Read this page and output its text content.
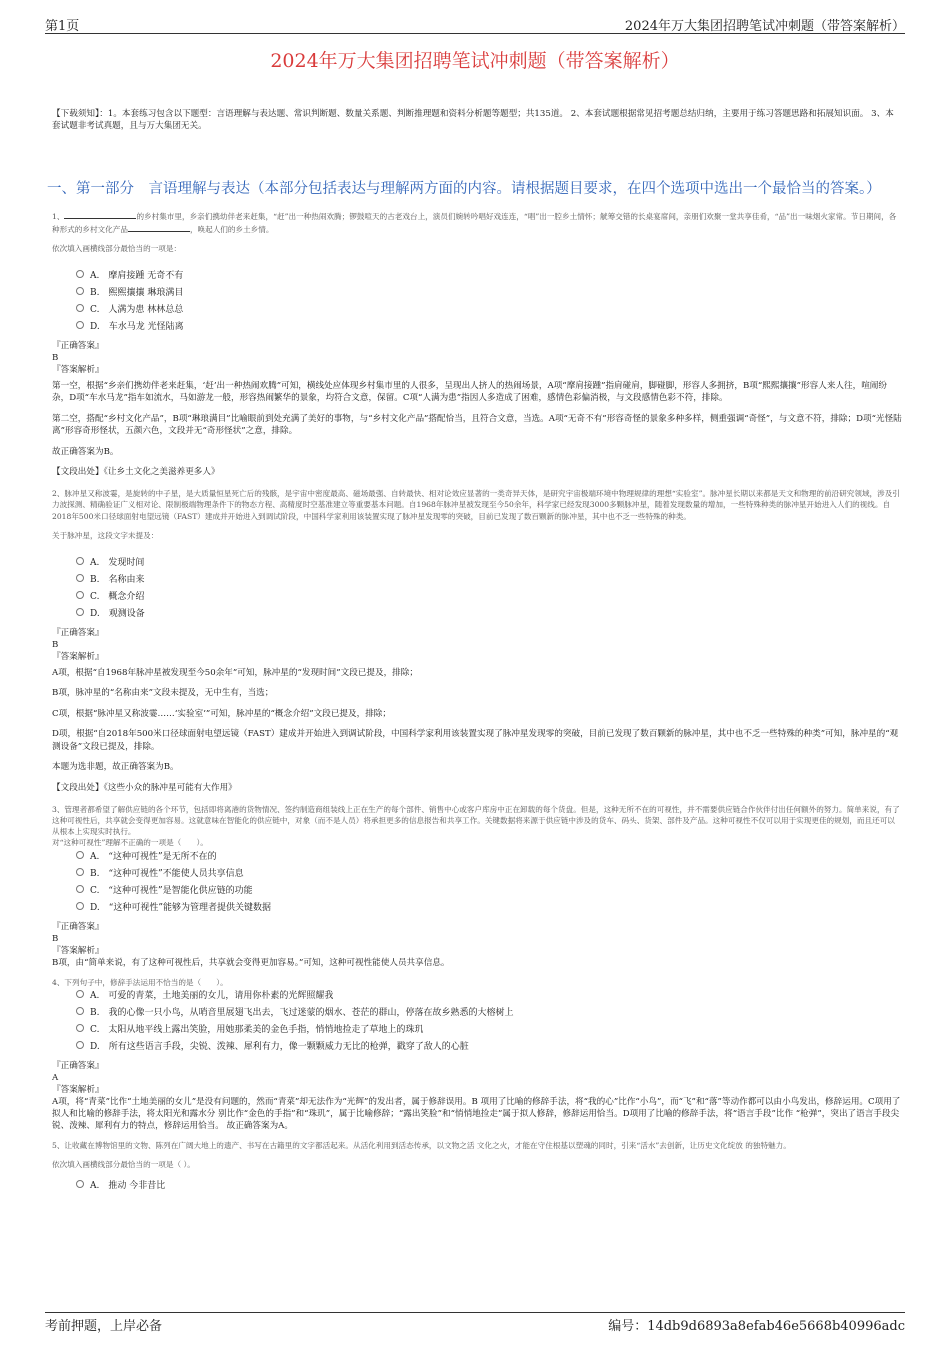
第1页	2024年万大集团招聘笔试冲刺题（带答案解析）
2024年万大集团招聘笔试冲刺题（带答案解析）

【下载须知】：1。本套练习包含以下题型：言语理解与表达题、常识判断题、数量关系题、判断推理题和资料分析题等题型；共135道。 2、本套试题根据常见招考题总结归纳，主要用于练习答题思路和拓展知识面。 3、本套试题非考试真题，且与万大集团无关。

一、第一部分　言语理解与表达（本部分包括表达与理解两方面的内容。请根据题目要求，在四个选项中选出一个最恰当的答案。）

1、	的乡村集市里，乡亲们携幼伴老来赶集，“赶”出一种热闹欢腾；锣鼓喧天的古老戏台上，演员们婉转吟唱好戏连连，“唱”出一腔乡土情怀；觥筹交错的长桌宴席间，亲朋们欢聚一堂共享佳肴，“品”出一味烟火家常。节日期间，各种形式的乡村文化产品	，唤起人们的乡土乡情。

依次填入画横线部分最恰当的一项是：

A.　摩肩接踵 无奇不有
B.　熙熙攘攘 琳琅满目
C.　人满为患 林林总总
D.　车水马龙 光怪陆离

『正确答案』

B

『答案解析』

第一空，根据“乡亲们携幼伴老来赶集，‘赶’出一种热闹欢腾”可知，横线处应体现乡村集市里的人很多，呈现出人挤人的热闹场景，A项“摩肩接踵”指肩碰肩，脚碰脚，形容人多拥挤，B项“熙熙攘攘”形容人来人往，喧闹纷杂，D项“车水马龙”指车如流水，马如游龙一般，形容热闹繁华的景象，均符合文意，保留。C项“人满为患”指因人多造成了困难，感情色彩偏消极，与文段感情色彩不符，排除。

第二空，搭配“乡村文化产品”，B项“琳琅满目”比喻眼前到处充满了美好的事物，与“乡村文化产品”搭配恰当，且符合文意，当选。A项“无奇不有”形容奇怪的景象多种多样，侧重强调“奇怪”，与文意不符，排除；D项“光怪陆离”形容奇形怪状，五颜六色，文段并无“奇形怪状”之意，排除。

故正确答案为B。

【文段出处】《让乡土文化之美滋养更多人》

2、脉冲星又称波霎，是旋转的中子星，是大质量恒星死亡后的残骸，是宇宙中密度最高、磁场最强、自转最快、相对论效应显著的一类奇异天体，是研究宇宙极端环境中物理规律的理想“实验室”。脉冲星长期以来都是天文和物理的前沿研究领域，涉及引力波探测、精确验证广义相对论、限制极端物理条件下的物态方程、高精度时空基准建立等重要基本问题。自1968年脉冲星被发现至今50余年，科学家已经发现3000多颗脉冲星，随着发现数量的增加，一些特殊种类的脉冲星开始进入人们的视线。自2018年500米口径球面射电望远镜（FAST）建成并开始进入到调试阶段，中国科学家利用该装置实现了脉冲星发现零的突破，目前已发现了数百颗新的脉冲星，其中也不乏一些特殊的种类。

关于脉冲星，这段文字未提及：

A.　发现时间
B.　名称由来
C.　概念介绍
D.　观测设备

『正确答案』

B

『答案解析』

A项，根据“自1968年脉冲星被发现至今50余年”可知，脉冲星的“发现时间”文段已提及，排除；

B项，脉冲星的“名称由来”文段未提及，无中生有，当选；

C项，根据“脉冲星又称波霎……‘实验室’”可知，脉冲星的“概念介绍”文段已提及，排除；

D项，根据“自2018年500米口径球面射电望远镜（FAST）建成并开始进入到调试阶段，中国科学家利用该装置实现了脉冲星发现零的突破，目前已发现了数百颗新的脉冲星，其中也不乏一些特殊的种类”可知，脉冲星的“观测设备”文段已提及，排除。

本题为选非题，故正确答案为B。

【文段出处】《这些小众的脉冲星可能有大作用》

3、管理者都希望了解供应链的各个环节，包括即将离港的货物情况、签约制造商组装线上正在生产的每个部件、销售中心或客户库房中正在卸载的每个货盘。但是，这种无所不在的可视性，并不需要供应链合作伙伴付出任何额外的努力。简单来说，有了这种可视性后，共享就会变得更加容易。这就意味在智能化的供应链中，对象（而不是人员）将承担更多的信息报告和共享工作。关键数据将来源于供应链中涉及的货车、码头、货架、部件及产品。这种可视性不仅可以用于实现更佳的规划，而且还可以从根本上实现实时执行。

对“这种可视性”理解不正确的一项是（　　）。

A.　“这种可视性”是无所不在的
B.　“这种可视性”不能使人员共享信息
C.　“这种可视性”是智能化供应链的功能
D.　“这种可视性”能够为管理者提供关键数据

『正确答案』

B

『答案解析』

B项，由“简单来说，有了这种可视性后，共享就会变得更加容易。”可知，这种可视性能使人员共享信息。

4、下列句子中，修辞手法运用不恰当的是（　　）。

A.　可爱的青菜，土地美丽的女儿，请用你朴素的光辉照耀我
B.　我的心像一只小鸟，从哨音里展翅飞出去，飞过迷蒙的烟水、苍茫的群山，停落在故乡熟悉的大榕树上
C.　太阳从地平线上露出笑脸，用她那柔美的金色手指，悄悄地捡走了草地上的珠玑
D.　所有这些语言手段，尖锐、泼辣、犀利有力，像一颗颗威力无比的枪弹，戳穿了敌人的心脏

『正确答案』

A

『答案解析』

A项，将“青菜”比作“土地美丽的女儿”是没有问题的，然而“青菜”却无法作为“光辉”的发出者，属于修辞误用。B 项用了比喻的修辞手法，将“我的心”比作“小鸟”，而“飞”和“落”等动作都可以由小鸟发出，修辞运用。C项用了拟人和比喻的修辞手法，将太阳光和露水分 别比作“金色的手指”和“珠玑”，属于比喻修辞；“露出笑脸”和“悄悄地捡走”属于拟人修辞，修辞运用恰当。D项用了比喻的修辞手法，将“语言手段”比作 “枪弹”，突出了语言手段尖锐、泼辣、犀利有力的特点，修辞运用恰当。 故正确答案为A。

5、让收藏在博物馆里的文物、陈列在广阔大地上的遗产、书写在古籍里的文字都活起来。从活化利用到活态传承，以文物之活 文化之火，才能在守住根基以塑魂的同时，引来“活水”去创新，让历史文化绽放 的独特魅力。

依次填入画横线部分最恰当的一项是（ ）。

A.　推动 今非昔比
考前押题，上岸必备	编号：14db9d6893a8efab46e5668b40996adc
